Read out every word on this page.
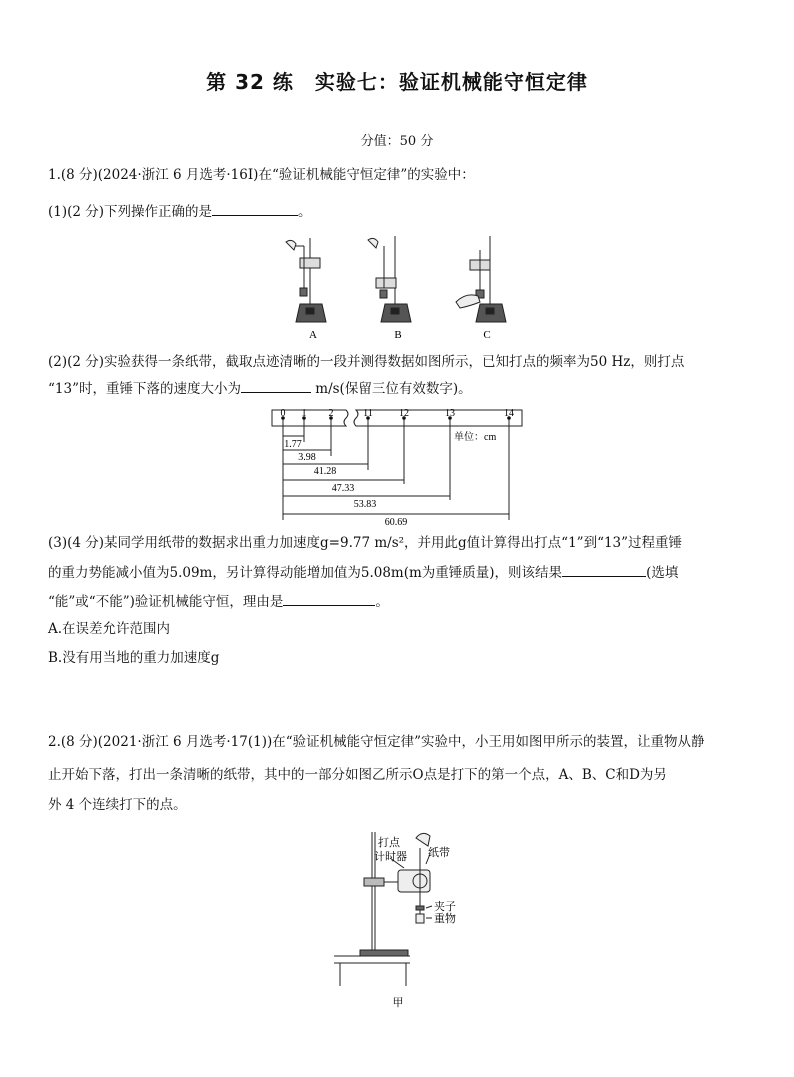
第 32 练　实验七：验证机械能守恒定律
分值：50 分
1.(8 分)(2024·浙江 6 月选考·16Ⅰ)在“验证机械能守恒定律”的实验中：
(1)(2 分)下列操作正确的是	。
A	B	C
(2)(2 分)实验获得一条纸带，截取点迹清晰的一段并测得数据如图所示，已知打点的频率为50 Hz，则打点
“13”时，重锤下落的速度大小为	m/s(保留三位有效数字)。
0 1 2	11	12	13	14
单位：cm
1.77
3.98
41.28
47.33
53.83
60.69
(3)(4 分)某同学用纸带的数据求出重力加速度g=9.77 m/s²，并用此g值计算得出打点“1”到“13”过程重锤
的重力势能减小值为5.09m，另计算得动能增加值为5.08m(m为重锤质量)，则该结果	(选填
“能”或“不能”)验证机械能守恒，理由是	。
A.在误差允许范围内
B.没有用当地的重力加速度g
2.(8 分)(2021·浙江 6 月选考·17(1))在“验证机械能守恒定律”实验中，小王用如图甲所示的装置，让重物从静
止开始下落，打出一条清晰的纸带，其中的一部分如图乙所示O点是打下的第一个点，A、B、C和D为另
外 4 个连续打下的点。
打点
计时器 纸带
夹子
重物
甲
